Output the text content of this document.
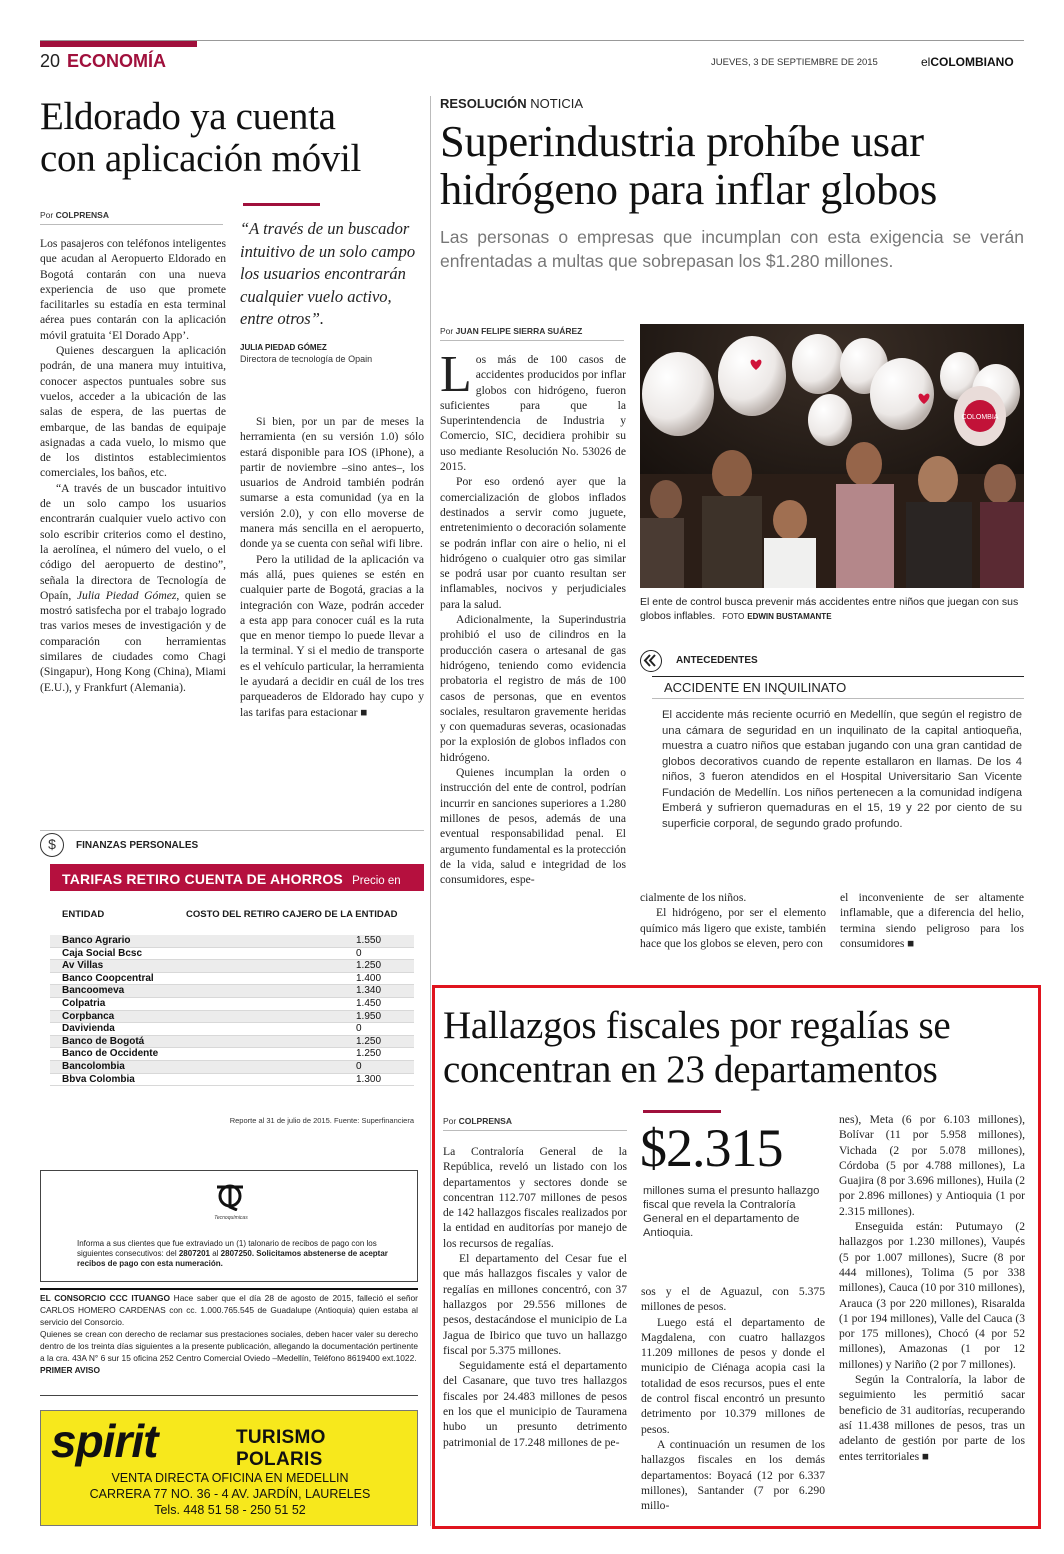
20 ECONOMÍA	JUEVES, 3 DE SEPTIEMBRE DE 2015	elCOLOMBIANO
Eldorado ya cuenta
con aplicación móvil
Por COLPRENSA

Los pasajeros con teléfonos inteligentes que acudan al Aeropuerto Eldorado en Bogotá contarán con una nueva experiencia de uso que promete facilitarles su estadía en esta terminal aérea pues contarán con la aplicación móvil gratuita ‘El Dorado App’.

Quienes descarguen la aplicación podrán, de una manera muy intuitiva, conocer aspectos puntuales sobre sus vuelos, acceder a la ubicación de las salas de espera, de las puertas de embarque, de las bandas de equipaje asignadas a cada vuelo, lo mismo que de los distintos establecimientos comerciales, los baños, etc.

“A través de un buscador intuitivo de un solo campo los usuarios encontrarán cualquier vuelo activo con solo escribir criterios como el destino, la aerolínea, el número del vuelo, o el código del aeropuerto de destino”, señala la directora de Tecnología de Opaín, Julia Piedad Gómez, quien se mostró satisfecha por el trabajo logrado tras varios meses de investigación y de comparación con herramientas similares de ciudades como Chagi (Singapur), Hong Kong (China), Miami (E.U.), y Frankfurt (Alemania).

“A través de un buscador intuitivo de un solo campo los usuarios encontrarán cualquier vuelo activo, entre otros”.
JULIA PIEDAD GÓMEZ
Directora de tecnología de Opain

Si bien, por un par de meses la herramienta (en su versión 1.0) sólo estará disponible para IOS (iPhone), a partir de noviembre –sino antes–, los usuarios de Android también podrán sumarse a esta comunidad (ya en la versión 2.0), y con ello moverse de manera más sencilla en el aeropuerto, donde ya se cuenta con señal wifi libre.

Pero la utilidad de la aplicación va más allá, pues quienes se estén en cualquier parte de Bogotá, gracias a la integración con Waze, podrán acceder a esta app para conocer cuál es la ruta que en menor tiempo lo puede llevar a la terminal. Y si el medio de transporte es el vehículo particular, la herramienta le ayudará a decidir en cuál de los tres parqueaderos de Eldorado hay cupo y las tarifas para estacionar ■

$	FINANZAS PERSONALES
TARIFAS RETIRO CUENTA DE AHORROS Precio en pesos
ENTIDAD	COSTO DEL RETIRO CAJERO DE LA ENTIDAD
Banco Agrario	1.550
Caja Social Bcsc	0
Av Villas	1.250
Banco Coopcentral	1.400
Bancoomeva	1.340
Colpatria	1.450
Corpbanca	1.950
Davivienda	0
Banco de Bogotá	1.250
Banco de Occidente	1.250
Bancolombia	0
Bbva Colombia	1.300
Reporte al 31 de julio de 2015. Fuente: Superfinanciera
Tecnoquímicas
Informa a sus clientes que fue extraviado un (1) talonario de recibos de pago con los siguientes consecutivos: del 2807201 al 2807250. Solicitamos abstenerse de aceptar recibos de pago con esta numeración.
EL CONSORCIO CCC ITUANGO Hace saber que el día 28 de agosto de 2015, falleció el señor CARLOS HOMERO CARDENAS con cc. 1.000.765.545 de Guadalupe (Antioquia) quien estaba al servicio del Consorcio.
Quienes se crean con derecho de reclamar sus prestaciones sociales, deben hacer valer su derecho dentro de los treinta días siguientes a la presente publicación, allegando la documentación pertinente a la cra. 43A N° 6 sur 15 oficina 252 Centro Comercial Oviedo –Medellín, Teléfono 8619400 ext.1022.
PRIMER AVISO
spirit	TURISMO POLARIS
VENTA DIRECTA OFICINA EN MEDELLIN
CARRERA 77 NO. 36 - 4 AV. JARDÍN, LAURELES
Tels. 448 51 58 - 250 51 52
RESOLUCIÓN NOTICIA
Superindustria prohíbe usar
hidrógeno para inflar globos
Las personas o empresas que incumplan con esta exigencia se verán enfrentadas a multas que sobrepasan los $1.280 millones.
Por JUAN FELIPE SIERRA SUÁREZ

Los más de 100 casos de accidentes producidos por inflar globos con hidrógeno, fueron suficientes para que la Superintendencia de Industria y Comercio, SIC, decidiera prohibir su uso mediante Resolución No. 53026 de 2015.

Por eso ordenó ayer que la comercialización de globos inflados destinados a servir como juguete, entretenimiento o decoración solamente se podrán inflar con aire o helio, ni el hidrógeno o cualquier otro gas similar se podrá usar por cuanto resultan ser inflamables, nocivos y perjudiciales para la salud.

Adicionalmente, la Superindustria prohibió el uso de cilindros en la producción casera o artesanal de gas hidrógeno, teniendo como evidencia probatoria el registro de más de 100 casos de personas, que en eventos sociales, resultaron gravemente heridas y con quemaduras severas, ocasionadas por la explosión de globos inflados con hidrógeno.

Quienes incumplan la orden o instrucción del ente de control, podrían incurrir en sanciones superiores a 1.280 millones de pesos, además de una eventual responsabilidad penal. El argumento fundamental es la protección de la vida, salud e integridad de los consumidores, espe-

COLOMBIA
El ente de control busca prevenir más accidentes entre niños que juegan con sus globos inflables. FOTO EDWIN BUSTAMANTE
ANTECEDENTES
ACCIDENTE EN INQUILINATO
El accidente más reciente ocurrió en Medellín, que según el registro de una cámara de seguridad en un inquilinato de la capital antioqueña, muestra a cuatro niños que estaban jugando con una gran cantidad de globos decorativos cuando de repente estallaron en llamas. De los 4 niños, 3 fueron atendidos en el Hospital Universitario San Vicente Fundación de Medellín. Los niños pertenecen a la comunidad indígena Emberá y sufrieron quemaduras en el 15, 19 y 22 por ciento de su superficie corporal, de segundo grado profundo.

cialmente de los niños.

El hidrógeno, por ser el elemento químico más ligero que existe, también hace que los globos se eleven, pero con

el inconveniente de ser altamente inflamable, que a diferencia del helio, termina siendo peligroso para los consumidores ■

Hallazgos fiscales por regalías se
concentran en 23 departamentos
Por COLPRENSA

La Contraloría General de la República, reveló un listado con los departamentos y sectores donde se concentran 112.707 millones de pesos de 142 hallazgos fiscales realizados por la entidad en auditorías por manejo de los recursos de regalías.

El departamento del Cesar fue el que más hallazgos fiscales y valor de regalías en millones concentró, con 37 hallazgos por 29.556 millones de pesos, destacándose el municipio de La Jagua de Ibirico que tuvo un hallazgo fiscal por 5.375 millones.

Seguidamente está el departamento del Casanare, que tuvo tres hallazgos fiscales por 24.483 millones de pesos en los que el municipio de Tauramena hubo un presunto detrimento patrimonial de 17.248 millones de pe-

$2.315
millones suma el presunto hallazgo fiscal que revela la Contraloría General en el departamento de Antioquia.

sos y el de Aguazul, con 5.375 millones de pesos.

Luego está el departamento de Magdalena, con cuatro hallazgos 11.209 millones de pesos y donde el municipio de Ciénaga acopia casi la totalidad de esos recursos, pues el ente de control fiscal encontró un presunto detrimento por 10.379 millones de pesos.

A continuación un resumen de los hallazgos fiscales en los demás departamentos: Boyacá (12 por 6.337 millones), Santander (7 por 6.290 millo-

nes), Meta (6 por 6.103 millones), Bolívar (11 por 5.958 millones), Vichada (2 por 5.078 millones), Córdoba (5 por 4.788 millones), La Guajira (8 por 3.696 millones), Huila (2 por 2.896 millones) y Antioquia (1 por 2.315 millones).

Enseguida están: Putumayo (2 hallazgos por 1.230 millones), Vaupés (5 por 1.007 millones), Sucre (8 por 444 millones), Tolima (5 por 338 millones), Cauca (10 por 310 millones), Arauca (3 por 220 millones), Risaralda (1 por 194 millones), Valle del Cauca (3 por 175 millones), Chocó (4 por 52 millones), Amazonas (1 por 12 millones) y Nariño (2 por 7 millones).

Según la Contraloría, la labor de seguimiento les permitió sacar beneficio de 31 auditorías, recuperando así 11.438 millones de pesos, tras un adelanto de gestión por parte de los entes territoriales ■
